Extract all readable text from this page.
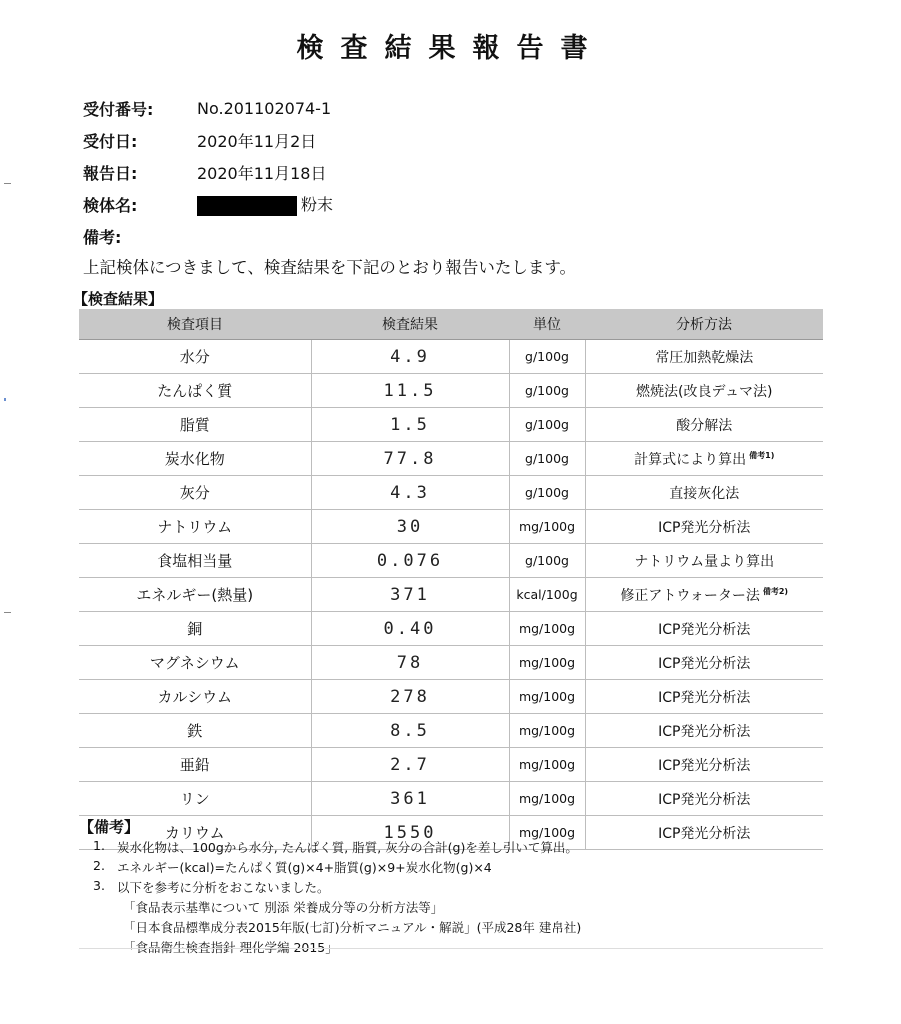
検査結果報告書
受付番号:	No.201102074-1
受付日:	2020年11月2日
報告日:	2020年11月18日
検体名:	粉末
備考:
上記検体につきまして、検査結果を下記のとおり報告いたします。
【検査結果】
検査項目	検査結果	単位	分析方法
水分	4.9	g/100g	常圧加熱乾燥法
たんぱく質	11.5	g/100g	燃焼法(改良デュマ法)
脂質	1.5	g/100g	酸分解法
炭水化物	77.8	g/100g	計算式により算出 $^{備考1)}$
灰分	4.3	g/100g	直接灰化法
ナトリウム	30	mg/100g	ICP発光分析法
食塩相当量	0.076	g/100g	ナトリウム量より算出
エネルギー(熱量)	371	kcal/100g	修正アトウォーター法 $^{備考2)}$
銅	0.40	mg/100g	ICP発光分析法
マグネシウム	78	mg/100g	ICP発光分析法
カルシウム	278	mg/100g	ICP発光分析法
鉄	8.5	mg/100g	ICP発光分析法
亜鉛	2.7	mg/100g	ICP発光分析法
リン	361	mg/100g	ICP発光分析法
カリウム	1550	mg/100g	ICP発光分析法
【備考】
1. 炭水化物は、100gから水分, たんぱく質, 脂質, 灰分の合計(g)を差し引いて算出。
2. エネルギー(kcal)=たんぱく質(g)×4+脂質(g)×9+炭水化物(g)×4
3. 以下を参考に分析をおこないました。
「食品表示基準について 別添 栄養成分等の分析方法等」
「日本食品標準成分表2015年版(七訂)分析マニュアル・解説」(平成28年 建帛社)
「食品衛生検査指針 理化学編 2015」
